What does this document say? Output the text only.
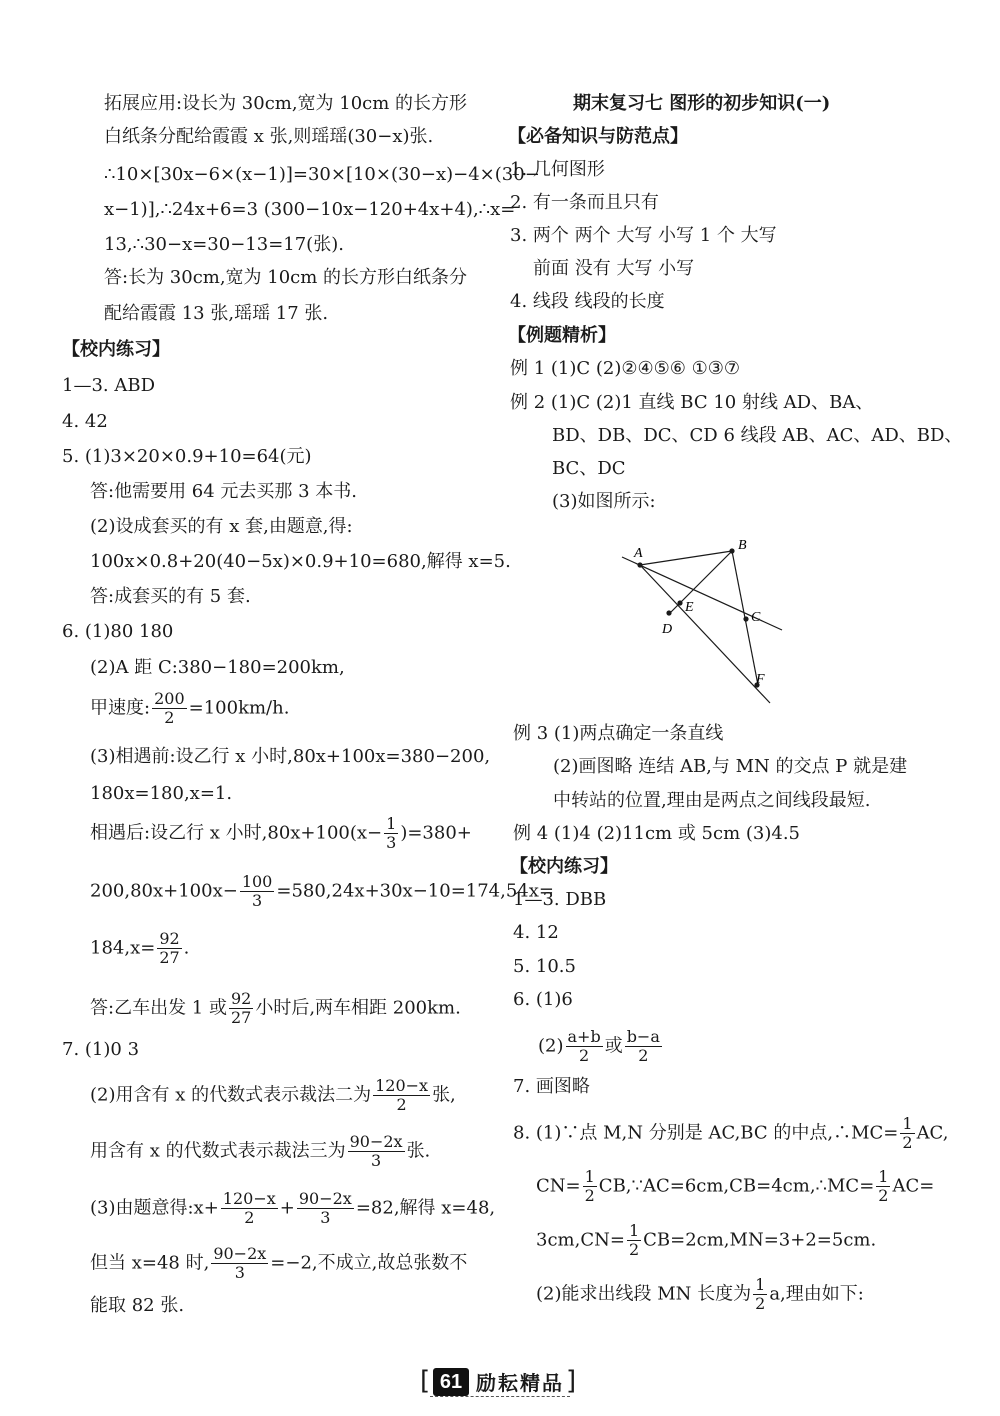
拓展应用:设长为 30cm,宽为 10cm 的长方形
白纸条分配给霞霞 x 张,则瑶瑶(30−x)张.
∴10×[30x−6×(x−1)]=30×[10×(30−x)−4×(30−
x−1)],∴24x+6=3 (300−10x−120+4x+4),∴x=
13,∴30−x=30−13=17(张).
答:长为 30cm,宽为 10cm 的长方形白纸条分
配给霞霞 13 张,瑶瑶 17 张.
【校内练习】
1—3. ABD
4. 42
5. (1)3×20×0.9+10=64(元)
答:他需要用 64 元去买那 3 本书.
(2)设成套买的有 x 套,由题意,得:
100x×0.8+20(40−5x)×0.9+10=680,解得 x=5.
答:成套买的有 5 套.
6. (1)80 180
(2)A 距 C:380−180=200km,
甲速度: $\frac{200}{2} =100km/h$.
(3)相遇前:设乙行 x 小时,80x+100x=380−200,
180x=180,x=1.
相遇后:设乙行 x 小时$,80x+100(x- \frac{1}{3} )=380+$
$200,80x+100x- \frac{100}{3} =580,24x+30x-10=174,54x=$
$184,x= \frac{92}{27}$ .
答:乙车出发 1 或 $\frac{92}{27}$ 小时后,两车相距 200km.
7. (1)0 3
(2)用含有 x 的代数式表示裁法二为 $\frac{120-x}{2}$ 张,
用含有 x 的代数式表示裁法三为 $\frac{90-2x}{3}$ 张.
(3)由题意得:x+ $\frac{120-x}{2} + \frac{90-2x}{3} =82$,解得 x=48,
但当 x=48 时, $\frac{90-2x}{3} =-2$,不成立,故总张数不
能取 82 张.
期末复习七 图形的初步知识(一)
【必备知识与防范点】
1. 几何图形
2. 有一条而且只有
3. 两个 两个 大写 小写 1 个 大写
前面 没有 大写 小写
4. 线段 线段的长度
【例题精析】
例 1 (1)C (2)②④⑤⑥ ①③⑦
例 2 (1)C (2)1 直线 BC 10 射线 AD、BA、
BD、DB、DC、CD 6 线段 AB、AC、AD、BD、
BC、DC
(3)如图所示:
A
B
C
D
E
F
例 3 (1)两点确定一条直线
(2)画图略 连结 AB,与 MN 的交点 P 就是建
中转站的位置,理由是两点之间线段最短.
例 4 (1)4 (2)11cm 或 5cm (3)4.5
【校内练习】
1—3. DBB
4. 12
5. 10.5
6. (1)6
$(2) \frac{a+b}{2}$ 或 $\frac{b-a}{2}$
7. 画图略
8. (1)∵点 M,N 分别是 AC,BC 的中点,∴MC= $\frac{1}{2}$ AC,
$CN= \frac{1}{2}$ CB,∵AC=6cm,CB=4cm,∴MC= $\frac{1}{2} AC=$
$3cm,CN= \frac{1}{2} CB=2cm,MN=3+2=5cm$.
(2)能求出线段 MN 长度为 $\frac{1}{2} a$,理由如下:
[ 61 励耘精品 ]
